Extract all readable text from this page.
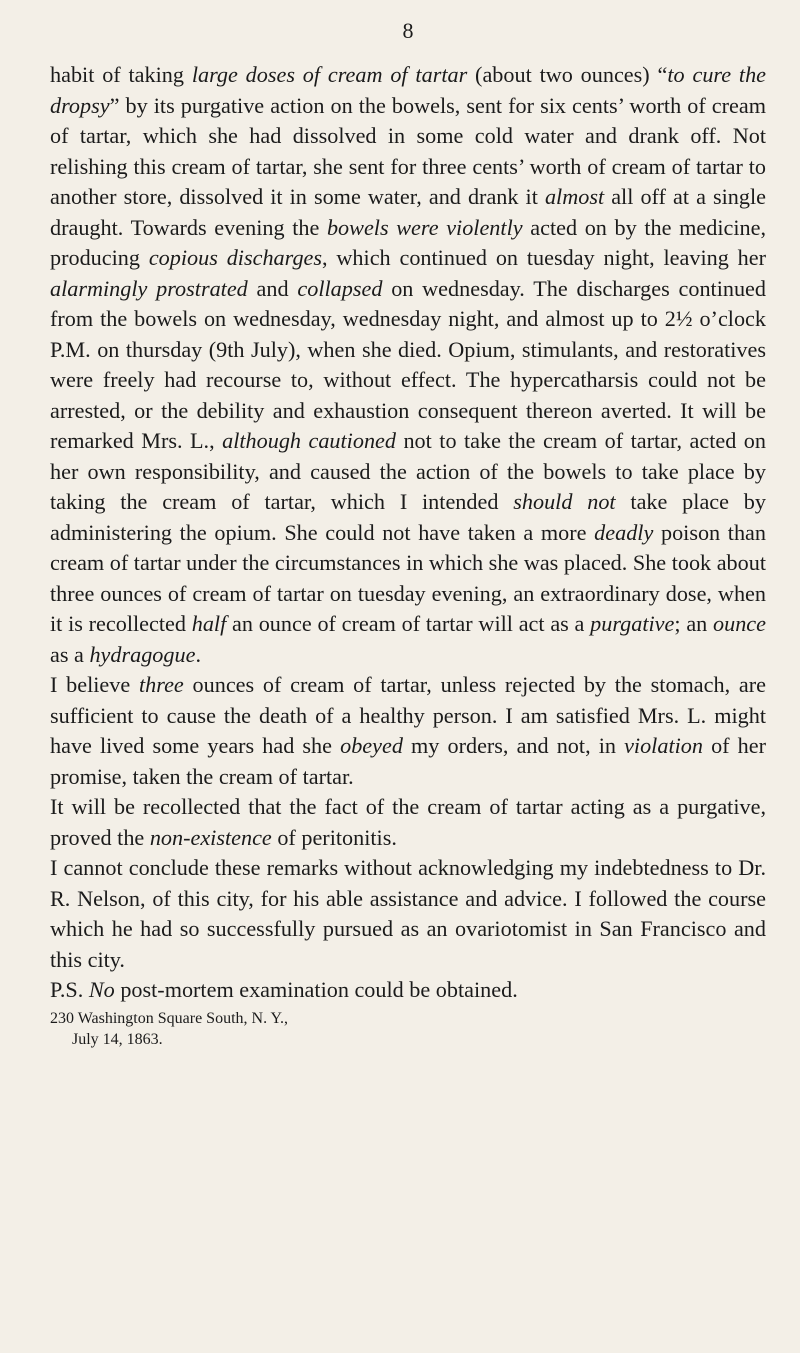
8

habit of taking large doses of cream of tartar (about two ounces) “to cure the dropsy” by its purgative action on the bowels, sent for six cents’ worth of cream of tartar, which she had dissolved in some cold water and drank off. Not relishing this cream of tartar, she sent for three cents’ worth of cream of tartar to another store, dissolved it in some water, and drank it almost all off at a single draught. Towards evening the bowels were violently acted on by the medicine, producing copious discharges, which continued on tuesday night, leaving her alarmingly prostrated and collapsed on wednesday. The discharges continued from the bowels on wednesday, wednesday night, and almost up to 2½ o’clock P.M. on thursday (9th July), when she died. Opium, stimulants, and restoratives were freely had recourse to, without effect. The hypercatharsis could not be arrested, or the debility and exhaustion consequent thereon averted. It will be remarked Mrs. L., although cautioned not to take the cream of tartar, acted on her own responsibility, and caused the action of the bowels to take place by taking the cream of tartar, which I intended should not take place by administering the opium. She could not have taken a more deadly poison than cream of tartar under the circumstances in which she was placed. She took about three ounces of cream of tartar on tuesday evening, an extraordinary dose, when it is recollected half an ounce of cream of tartar will act as a purgative; an ounce as a hydragogue.

I believe three ounces of cream of tartar, unless rejected by the stomach, are sufficient to cause the death of a healthy person. I am satisfied Mrs. L. might have lived some years had she obeyed my orders, and not, in violation of her promise, taken the cream of tartar.

It will be recollected that the fact of the cream of tartar acting as a purgative, proved the non-existence of peritonitis.

I cannot conclude these remarks without acknowledging my indebtedness to Dr. R. Nelson, of this city, for his able assistance and advice. I followed the course which he had so successfully pursued as an ovariotomist in San Francisco and this city.

P.S. No post-mortem examination could be obtained.

230 Washington Square South, N. Y.,
July 14, 1863.
